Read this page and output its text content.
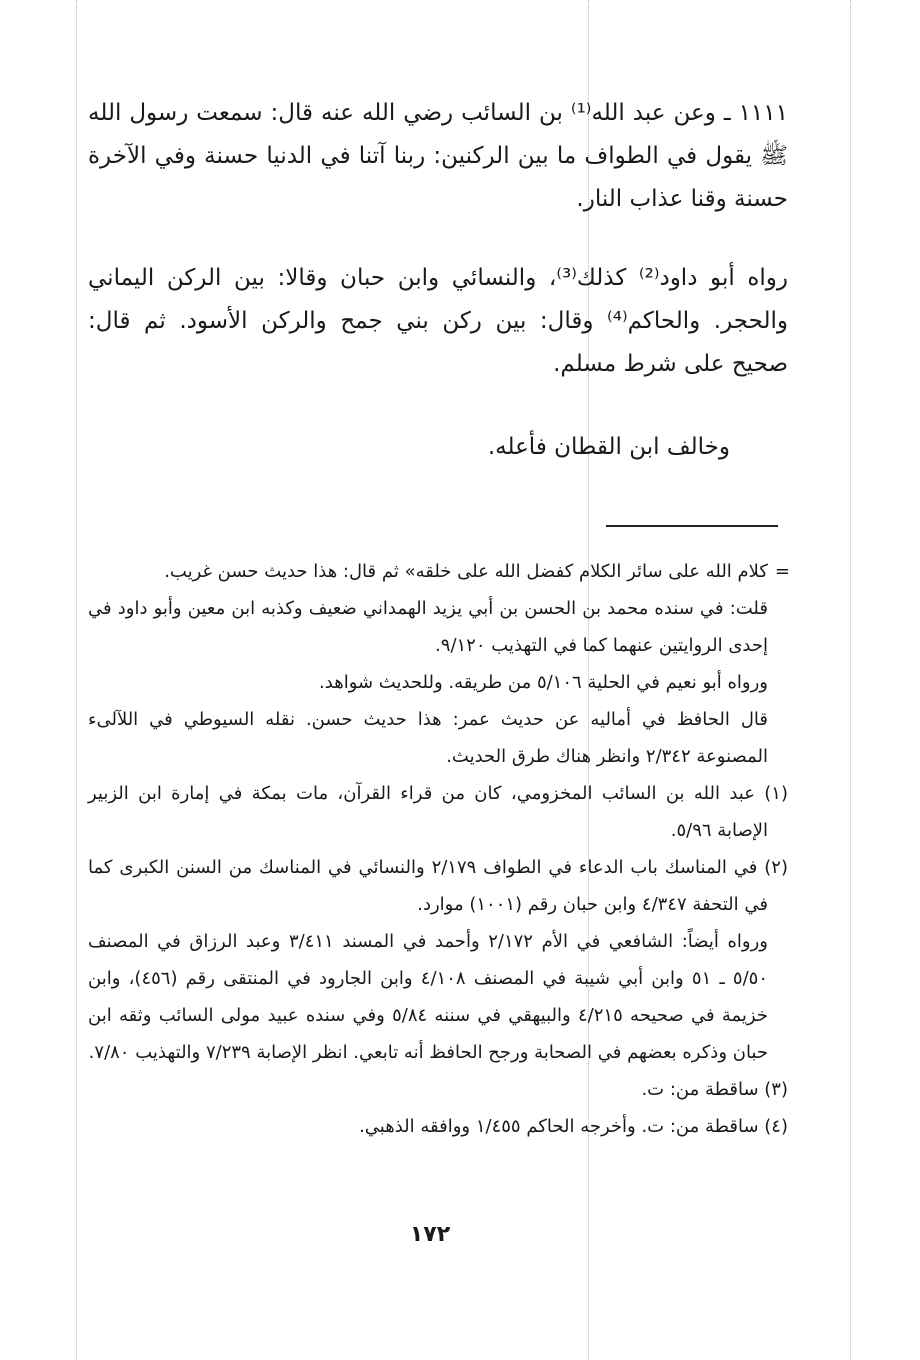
١١١١ ـ وعن عبد الله⁽¹⁾ بن السائب رضي الله عنه قال: سمعت رسول الله ﷺ يقول في الطواف ما بين الركنين: ربنا آتنا في الدنيا حسنة وفي الآخرة حسنة وقنا عذاب النار.

رواه أبو داود⁽²⁾ كذلك⁽³⁾، والنسائي وابن حبان وقالا: بين الركن اليماني والحجر. والحاكم⁽⁴⁾ وقال: بين ركن بني جمح والركن الأسود. ثم قال: صحيح على شرط مسلم.

وخالف ابن القطان فأعله.

=

كلام الله على سائر الكلام كفضل الله على خلقه» ثم قال: هذا حديث حسن غريب.

قلت: في سنده محمد بن الحسن بن أبي يزيد الهمداني ضعيف وكذبه ابن معين وأبو داود في إحدى الروايتين عنهما كما في التهذيب ٩/١٢٠.

ورواه أبو نعيم في الحلية ٥/١٠٦ من طريقه. وللحديث شواهد.

قال الحافظ في أماليه عن حديث عمر: هذا حديث حسن. نقله السيوطي في اللآلىء المصنوعة ٢/٣٤٢ وانظر هناك طرق الحديث.

(١) عبد الله بن السائب المخزومي، كان من قراء القرآن، مات بمكة في إمارة ابن الزبير الإصابة ٥/٩٦.

(٢) في المناسك باب الدعاء في الطواف ٢/١٧٩ والنسائي في المناسك من السنن الكبرى كما في التحفة ٤/٣٤٧ وابن حبان رقم (١٠٠١) موارد.

ورواه أيضاً: الشافعي في الأم ٢/١٧٢ وأحمد في المسند ٣/٤١١ وعبد الرزاق في المصنف ٥/٥٠ ـ ٥١ وابن أبي شيبة في المصنف ٤/١٠٨ وابن الجارود في المنتقى رقم (٤٥٦)، وابن خزيمة في صحيحه ٤/٢١٥ والبيهقي في سننه ٥/٨٤ وفي سنده عبيد مولى السائب وثقه ابن حبان وذكره بعضهم في الصحابة ورجح الحافظ أنه تابعي. انظر الإصابة ٧/٢٣٩ والتهذيب ٧/٨٠.

(٣) ساقطة من: ت.

(٤) ساقطة من: ت. وأخرجه الحاكم ١/٤٥٥ ووافقه الذهبي.

١٧٢
